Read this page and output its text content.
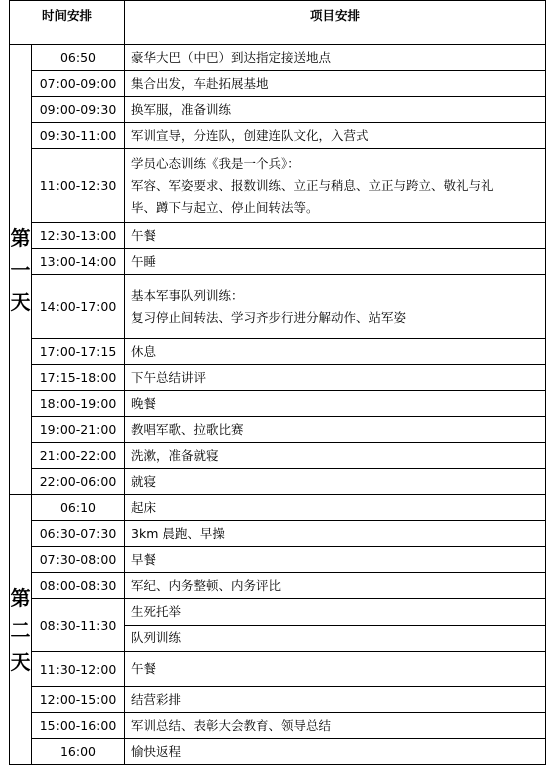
时间安排	项目安排

第
一
天
	06:50	豪华大巴（中巴）到达指定接送地点
07:00-09:00	集合出发，车赴拓展基地
09:00-09:30	换军服，准备训练
09:30-11:00	军训宣导，分连队，创建连队文化，入营式
11:00-12:30	
学员心态训练《我是一个兵》：
军容、军姿要求、报数训练、立正与稍息、立正与跨立、敬礼与礼
毕、蹲下与起立、停止间转法等。

12:30-13:00	午餐
13:00-14:00	午睡
14:00-17:00	
基本军事队列训练：
复习停止间转法、学习齐步行进分解动作、站军姿

17:00-17:15	休息
17:15-18:00	下午总结讲评
18:00-19:00	晚餐
19:00-21:00	教唱军歌、拉歌比赛
21:00-22:00	洗漱，准备就寝
22:00-06:00	就寝

第
二
天
	06:10	起床
06:30-07:30	3km 晨跑、早操
07:30-08:00	早餐
08:00-08:30	军纪、内务整顿、内务评比
08:30-11:30	
生死托举
队列训练

11:30-12:00	午餐
12:00-15:00	结营彩排
15:00-16:00	军训总结、表彰大会教育、领导总结
16:00	愉快返程
